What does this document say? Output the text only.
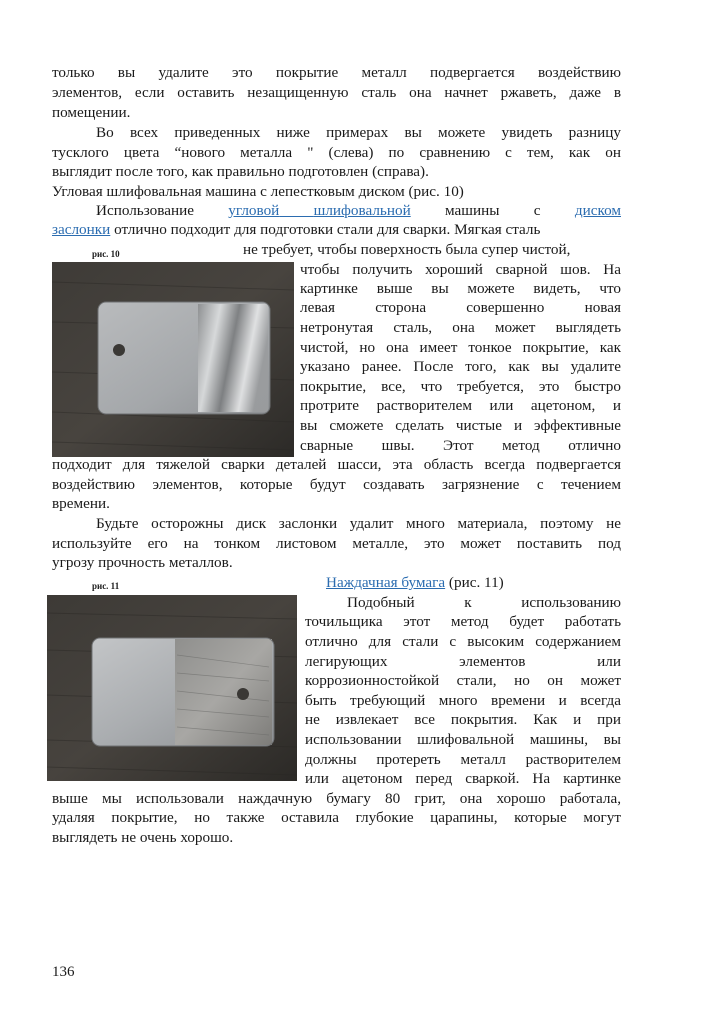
только вы удалите это покрытие металл подвергается воздействию
элементов, если оставить незащищенную сталь она начнет ржаветь, даже в
помещении.
Во всех приведенных ниже примерах вы можете увидеть разницу
тусклого цвета “нового металла " (слева) по сравнению с тем, как он
выглядит после того, как правильно подготовлен (справа).
Угловая шлифовальная машина с лепестковым диском (рис. 10)
Использование угловой шлифовальной машины с диском
заслонки отлично подходит для подготовки стали для сварки. Мягкая сталь
рис. 10	не требует, чтобы поверхность была супер чистой,
чтобы получить хороший сварной шов. На
картинке выше вы можете видеть, что
левая сторона совершенно новая
нетронутая сталь, она может выглядеть
чистой, но она имеет тонкое покрытие, как
указано ранее. После того, как вы удалите
покрытие, все, что требуется, это быстро
протрите растворителем или ацетоном, и
вы сможете сделать чистые и эффективные
сварные швы. Этот метод отлично
подходит для тяжелой сварки деталей шасси, эта область всегда подвергается
воздействию элементов, которые будут создавать загрязнение с течением
времени.
Будьте осторожны диск заслонки удалит много материала, поэтому не
используйте его на тонком листовом металле, это может поставить под
угрозу прочность металлов.
Наждачная бумага (рис. 11)
рис. 11
Подобный к использованию
точильщика этот метод будет работать
отлично для стали с высоким содержанием
легирующих элементов или
коррозионностойкой стали, но он может
быть требующий много времени и всегда
не извлекает все покрытия. Как и при
использовании шлифовальной машины, вы
должны протереть металл растворителем
или ацетоном перед сваркой. На картинке
выше мы использовали наждачную бумагу 80 грит, она хорошо работала,
удаляя покрытие, но также оставила глубокие царапины, которые могут
выглядеть не очень хорошо.
136
